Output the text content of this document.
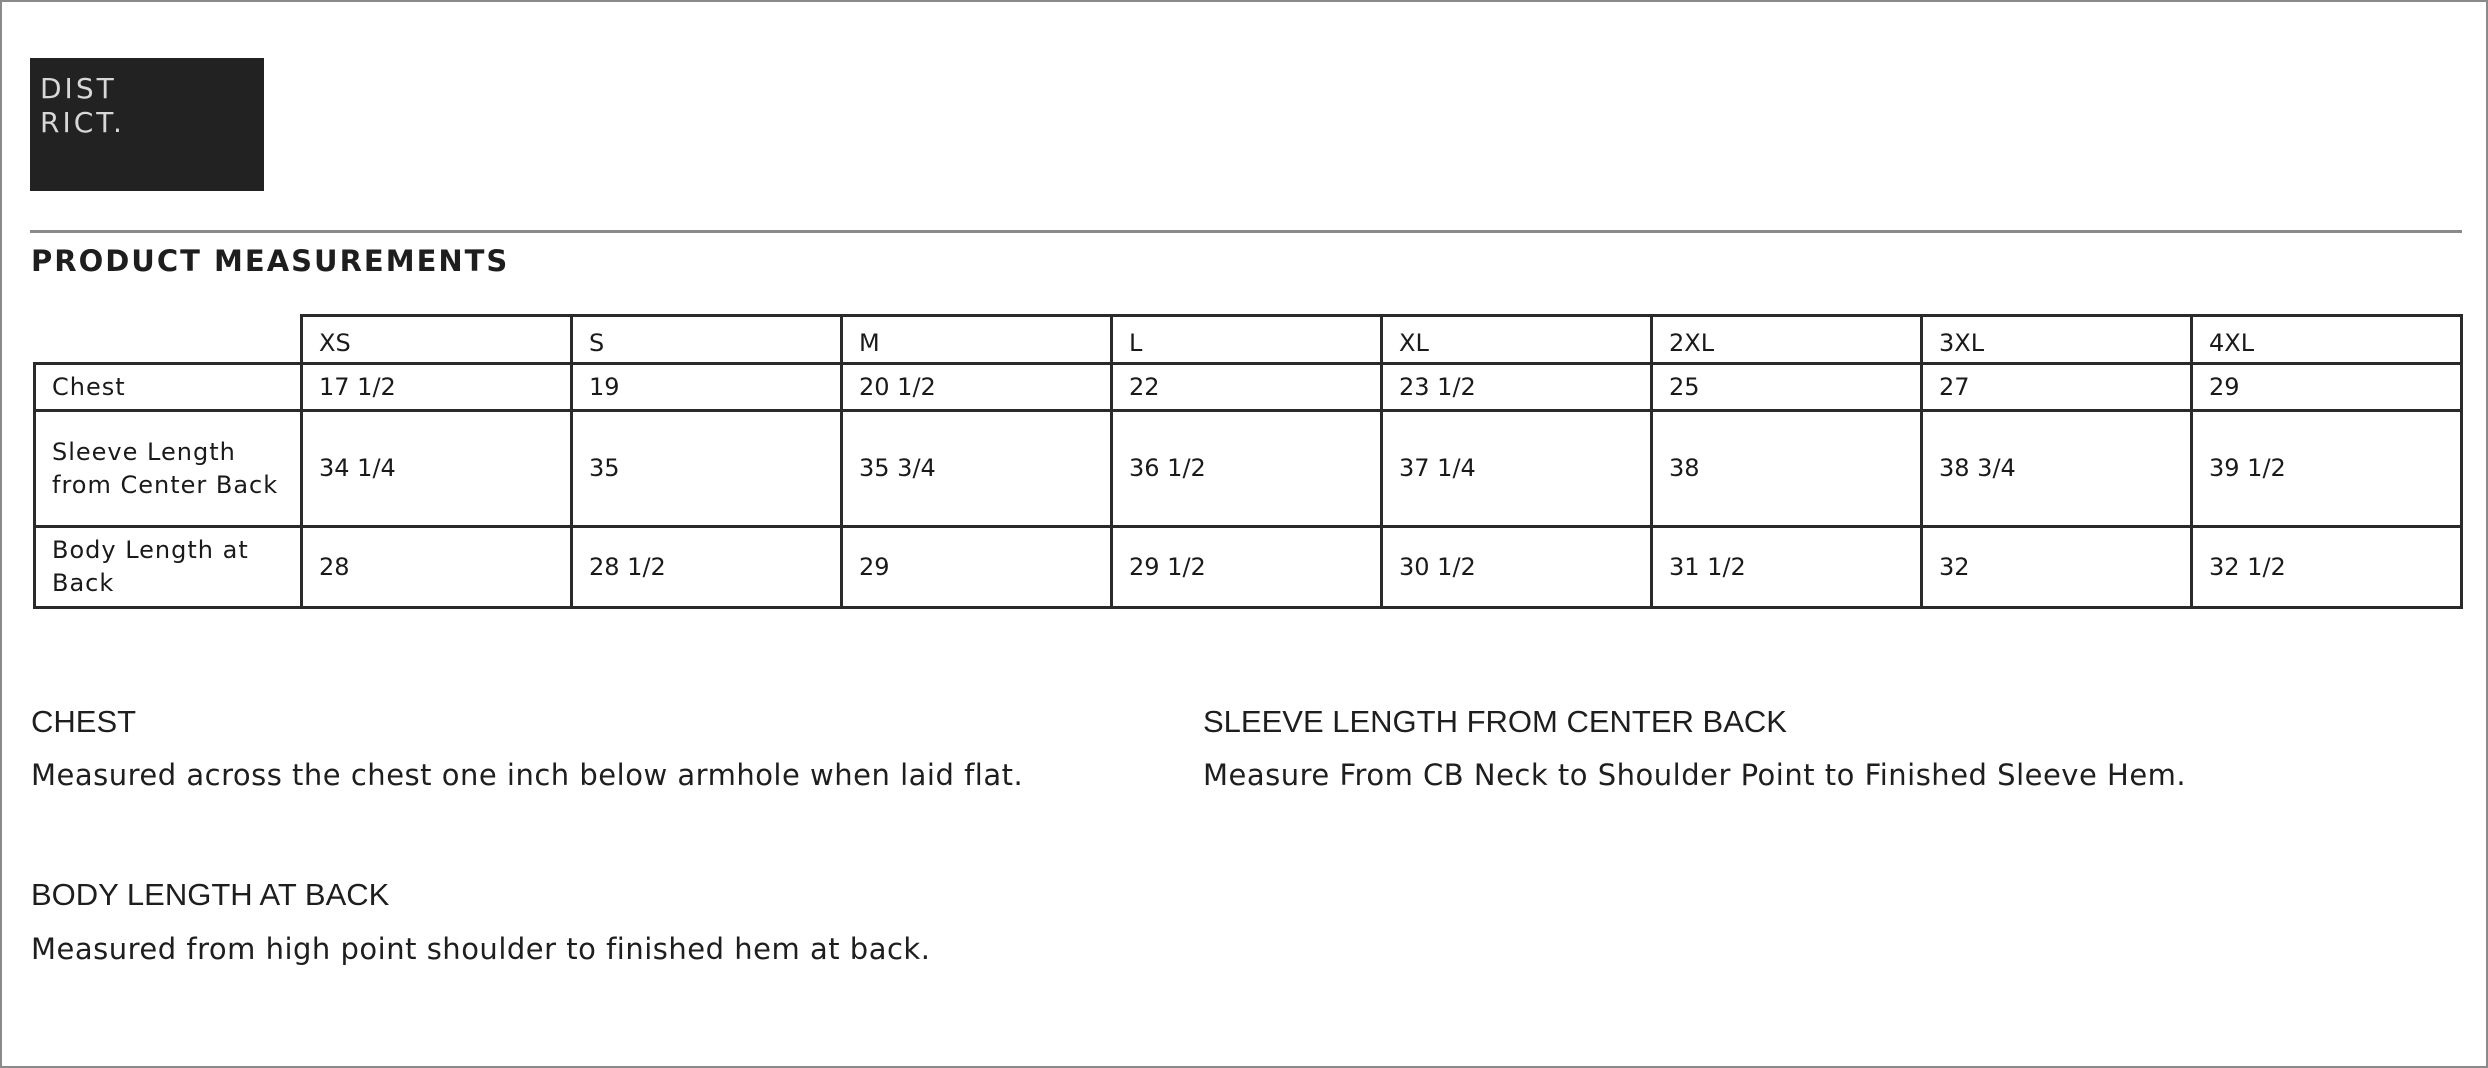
DIST
RICT.
PRODUCT MEASUREMENTS
	XS	S	M	L	XL	2XL	3XL	4XL
Chest	17 1/2	19	20 1/2	22	23 1/2	25	27	29
Sleeve Length from Center Back	34 1/4	35	35 3/4	36 1/2	37 1/4	38	38 3/4	39 1/2
Body Length at Back	28	28 1/2	29	29 1/2	30 1/2	31 1/2	32	32 1/2
CHEST
Measured across the chest one inch below armhole when laid flat.
SLEEVE LENGTH FROM CENTER BACK
Measure From CB Neck to Shoulder Point to Finished Sleeve Hem.
BODY LENGTH AT BACK
Measured from high point shoulder to finished hem at back.
